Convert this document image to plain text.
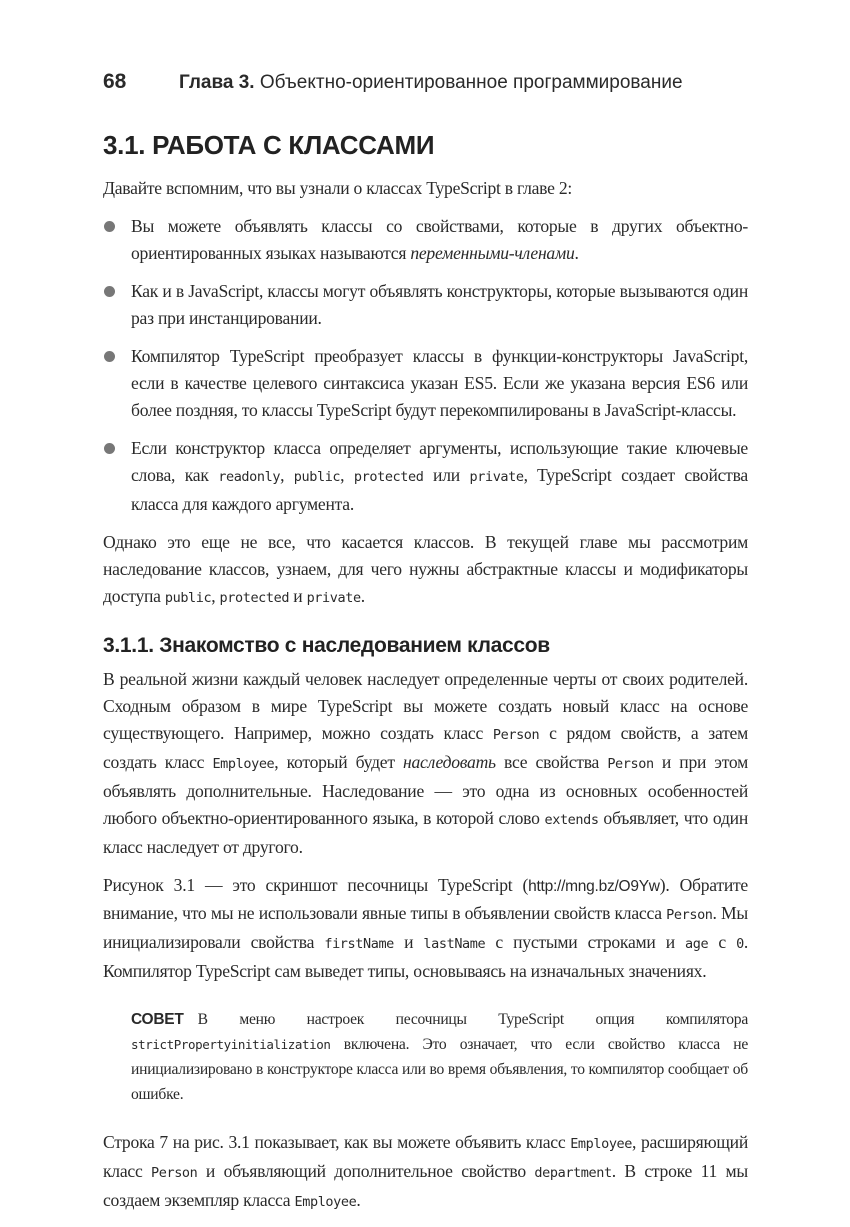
68	Глава 3. Объектно-ориентированное программирование
3.1. РАБОТА С КЛАССАМИ

Давайте вспомним, что вы узнали о классах TypeScript в главе 2:

Вы можете объявлять классы со свойствами, которые в других объектно-ориентированных языках называются переменными-членами.

Как и в JavaScript, классы могут объявлять конструкторы, которые вызываются один раз при инстанцировании.

Компилятор TypeScript преобразует классы в функции-конструкторы JavaScript, если в качестве целевого синтаксиса указан ES5. Если же указана версия ES6 или более поздняя, то классы TypeScript будут перекомпилированы в JavaScript-классы.

Если конструктор класса определяет аргументы, использующие такие ключевые слова, как readonly, public, protected или private, TypeScript создает свойства класса для каждого аргумента.

Однако это еще не все, что касается классов. В текущей главе мы рассмотрим наследование классов, узнаем, для чего нужны абстрактные классы и модификаторы доступа public, protected и private.

3.1.1. Знакомство с наследованием классов

В реальной жизни каждый человек наследует определенные черты от своих родителей. Сходным образом в мире TypeScript вы можете создать новый класс на основе существующего. Например, можно создать класс Person с рядом свойств, а затем создать класс Employee, который будет наследовать все свойства Person и при этом объявлять дополнительные. Наследование — это одна из основных особенностей любого объектно-ориентированного языка, в которой слово extends объявляет, что один класс наследует от другого.

Рисунок 3.1 — это скриншот песочницы TypeScript (http://mng.bz/O9Yw). Обратите внимание, что мы не использовали явные типы в объявлении свойств класса Person. Мы инициализировали свойства firstName и lastName с пустыми строками и age с 0. Компилятор TypeScript сам выведет типы, основываясь на изначальных значениях.

СОВЕТ В меню настроек песочницы TypeScript опция компилятора strictPropertyinitialization включена. Это означает, что если свойство класса не инициализировано в конструкторе класса или во время объявления, то компилятор сообщает об ошибке.

Строка 7 на рис. 3.1 показывает, как вы можете объявить класс Employee, расширяющий класс Person и объявляющий дополнительное свойство department. В строке 11 мы создаем экземпляр класса Employee.
